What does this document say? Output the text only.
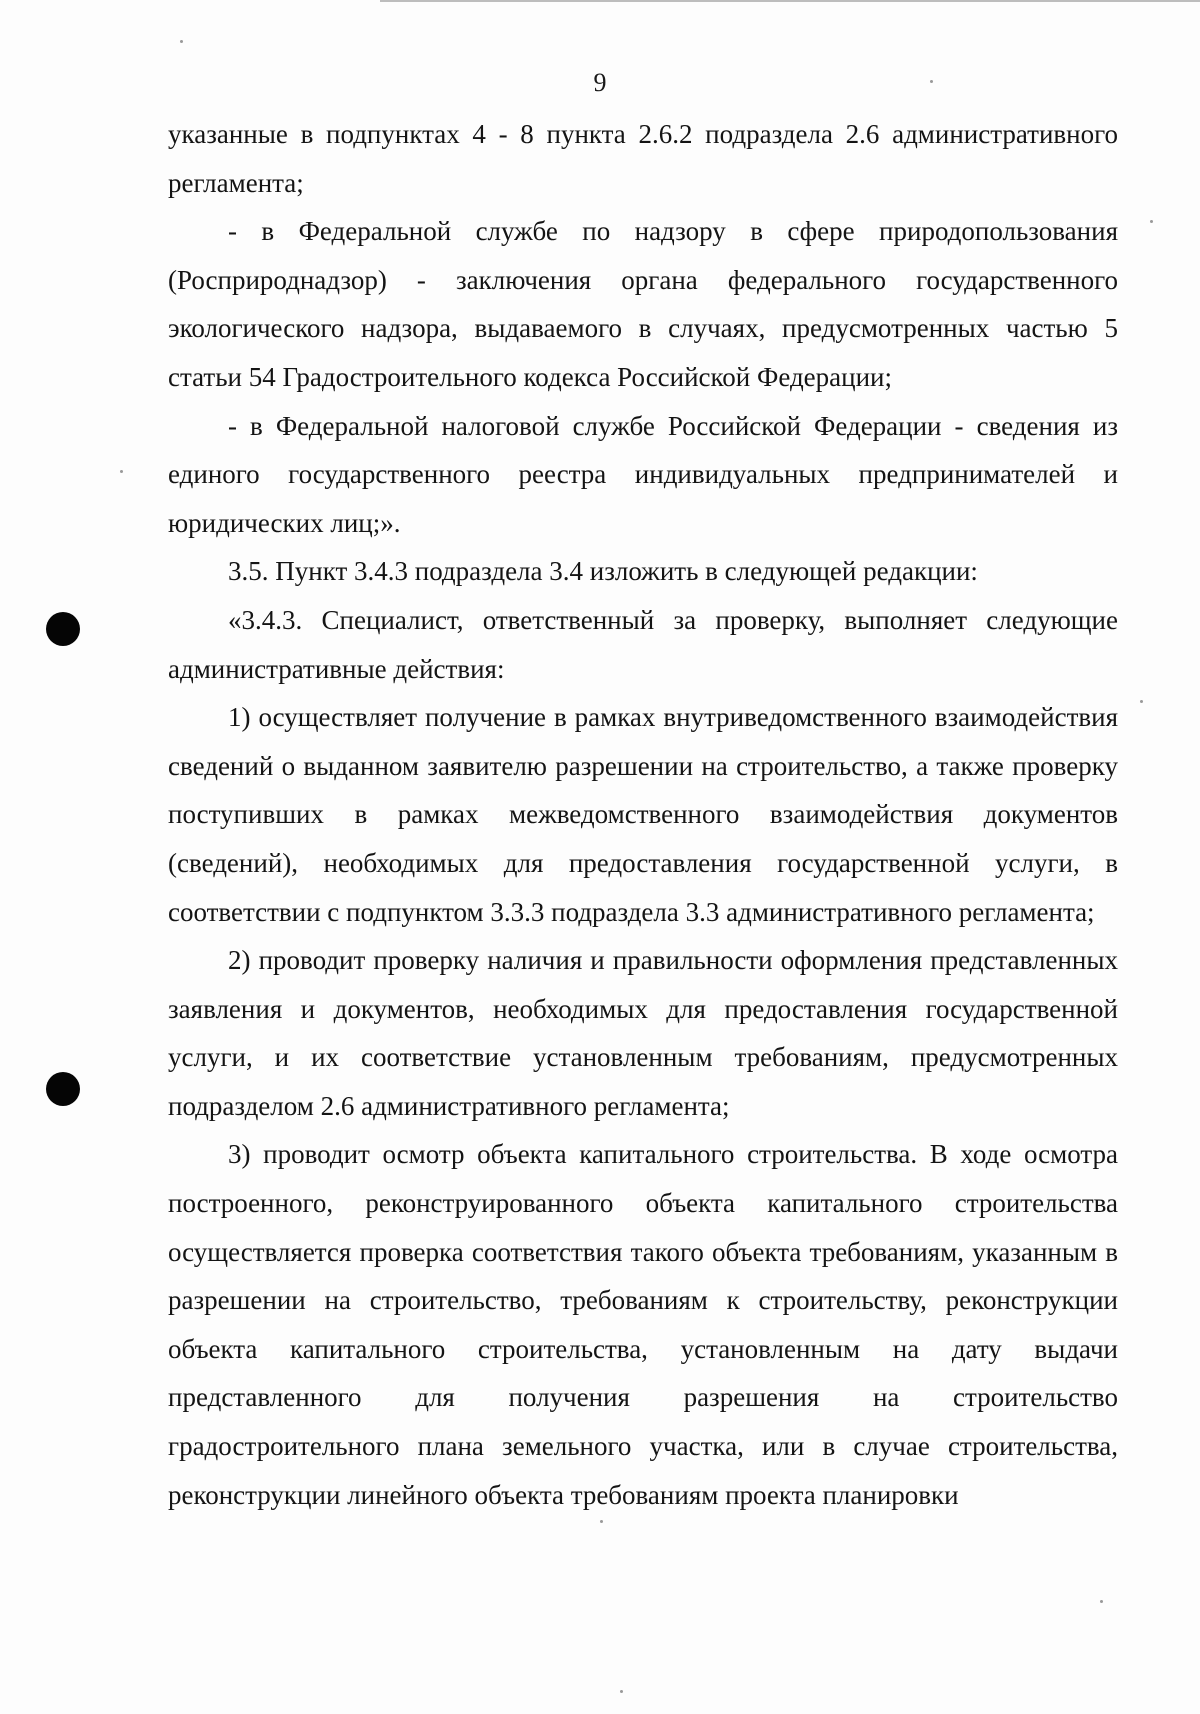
9

указанные в подпунктах 4 - 8 пункта 2.6.2 подраздела 2.6 административного регламента;

- в Федеральной службе по надзору в сфере природопользования (Росприроднадзор) - заключения органа федерального государственного экологического надзора, выдаваемого в случаях, предусмотренных частью 5 статьи 54 Градостроительного кодекса Российской Федерации;

- в Федеральной налоговой службе Российской Федерации - сведения из единого государственного реестра индивидуальных предпринимателей и юридических лиц;».

3.5. Пункт 3.4.3 подраздела 3.4 изложить в следующей редакции:

«3.4.3. Специалист, ответственный за проверку, выполняет следующие административные действия:

1) осуществляет получение в рамках внутриведомственного взаимодействия сведений о выданном заявителю разрешении на строительство, а также проверку поступивших в рамках межведомственного взаимодействия документов (сведений), необходимых для предоставления государственной услуги, в соответствии с подпунктом 3.3.3 подраздела 3.3 административного регламента;

2) проводит проверку наличия и правильности оформления представленных заявления и документов, необходимых для предоставления государственной услуги, и их соответствие установленным требованиям, предусмотренных подразделом 2.6 административного регламента;

3) проводит осмотр объекта капитального строительства. В ходе осмотра построенного, реконструированного объекта капитального строительства осуществляется проверка соответствия такого объекта требованиям, указанным в разрешении на строительство, требованиям к строительству, реконструкции объекта капитального строительства, установленным на дату выдачи представленного для получения разрешения на строительство градостроительного плана земельного участка, или в случае строительства, реконструкции линейного объекта требованиям проекта планировки
